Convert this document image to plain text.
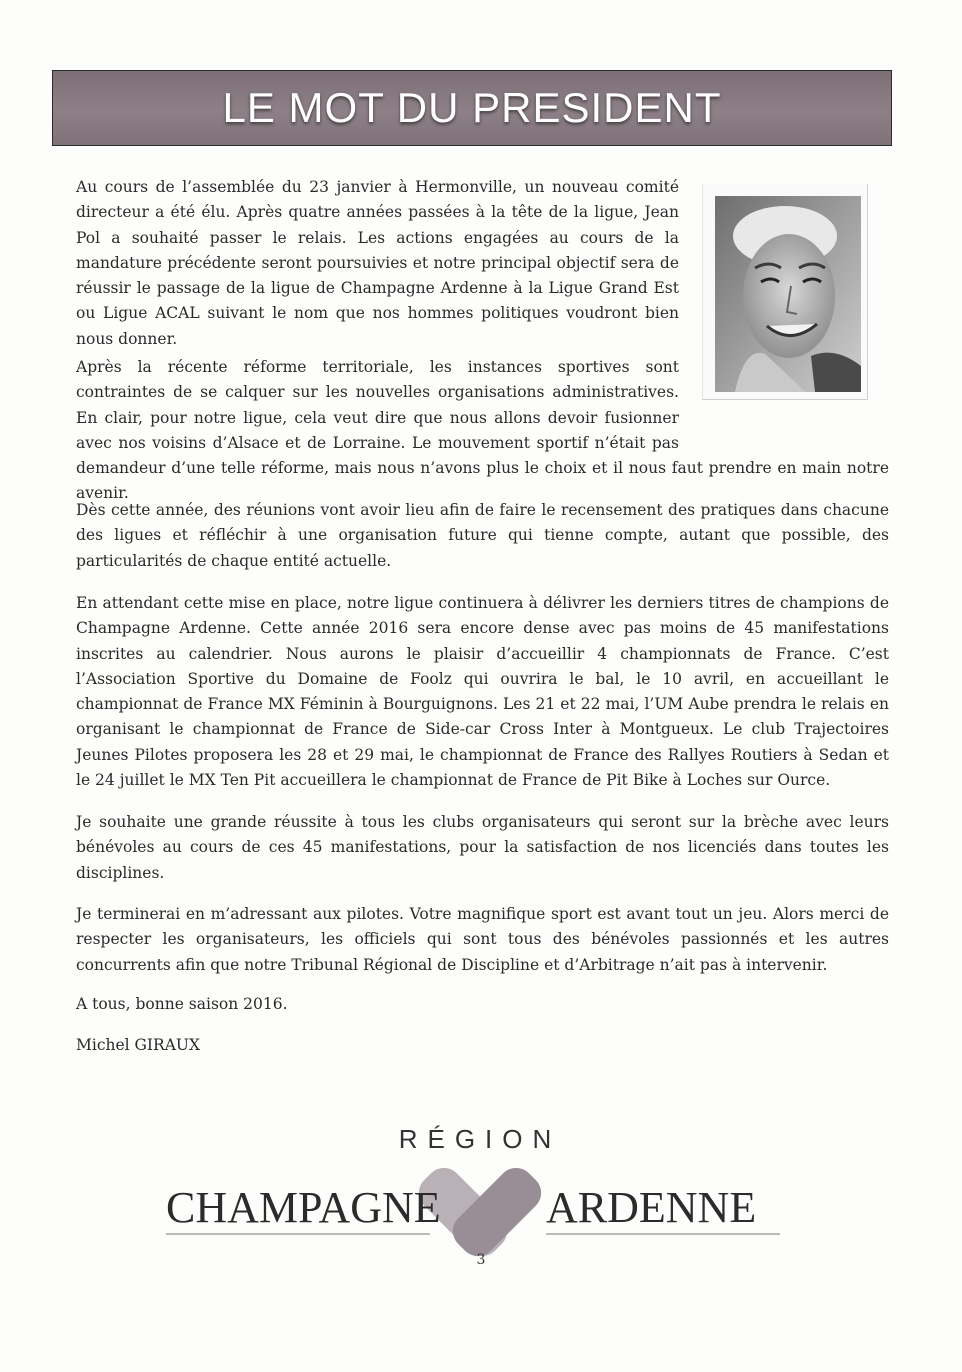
LE MOT DU PRESIDENT

Au cours de l’assemblée du 23 janvier à Hermonville, un nouveau comité directeur a été élu. Après quatre années passées à la tête de la ligue, Jean Pol a souhaité passer le relais. Les actions engagées au cours de la mandature précédente seront poursuivies et notre principal objectif sera de réussir le passage de la ligue de Champagne Ardenne à la Ligue Grand Est ou Ligue ACAL suivant le nom que nos hommes politiques voudront bien nous donner.

Après la récente réforme territoriale, les instances sportives sont contraintes de se calquer sur les nouvelles organisations administratives. En clair, pour notre ligue, cela veut dire que nous allons devoir fusionner avec nos voisins d’Alsace et de Lorraine. Le mouvement sportif n’était pas demandeur d’une telle réforme, mais nous n’avons plus le choix et il nous faut prendre en main notre avenir.

Dès cette année, des réunions vont avoir lieu afin de faire le recensement des pratiques dans chacune des ligues et réfléchir à une organisation future qui tienne compte, autant que possible, des particularités de chaque entité actuelle.

En attendant cette mise en place, notre ligue continuera à délivrer les derniers titres de champions de Champagne Ardenne. Cette année 2016 sera encore dense avec pas moins de 45 manifestations inscrites au calendrier. Nous aurons le plaisir d’accueillir 4 championnats de France. C’est l’Association Sportive du Domaine de Foolz qui ouvrira le bal, le 10 avril, en accueillant le championnat de France MX Féminin à Bourguignons. Les 21 et 22 mai, l’UM Aube prendra le relais en organisant le championnat de France de Side-car Cross Inter à Montgueux. Le club Trajectoires Jeunes Pilotes proposera les 28 et 29 mai, le championnat de France des Rallyes Routiers à Sedan et le 24 juillet le MX Ten Pit accueillera le championnat de France de Pit Bike à Loches sur Ource.

Je souhaite une grande réussite à tous les clubs organisateurs qui seront sur la brèche avec leurs bénévoles au cours de ces 45 manifestations, pour la satisfaction de nos licenciés dans toutes les disciplines.

Je terminerai en m’adressant aux pilotes. Votre magnifique sport est avant tout un jeu. Alors merci de respecter les organisateurs, les officiels qui sont tous des bénévoles passionnés et les autres concurrents afin que notre Tribunal Régional de Discipline et d’Arbitrage n’ait pas à intervenir.

A tous, bonne saison 2016.

Michel GIRAUX

RÉGION
CHAMPAGNE ARDENNE
3
